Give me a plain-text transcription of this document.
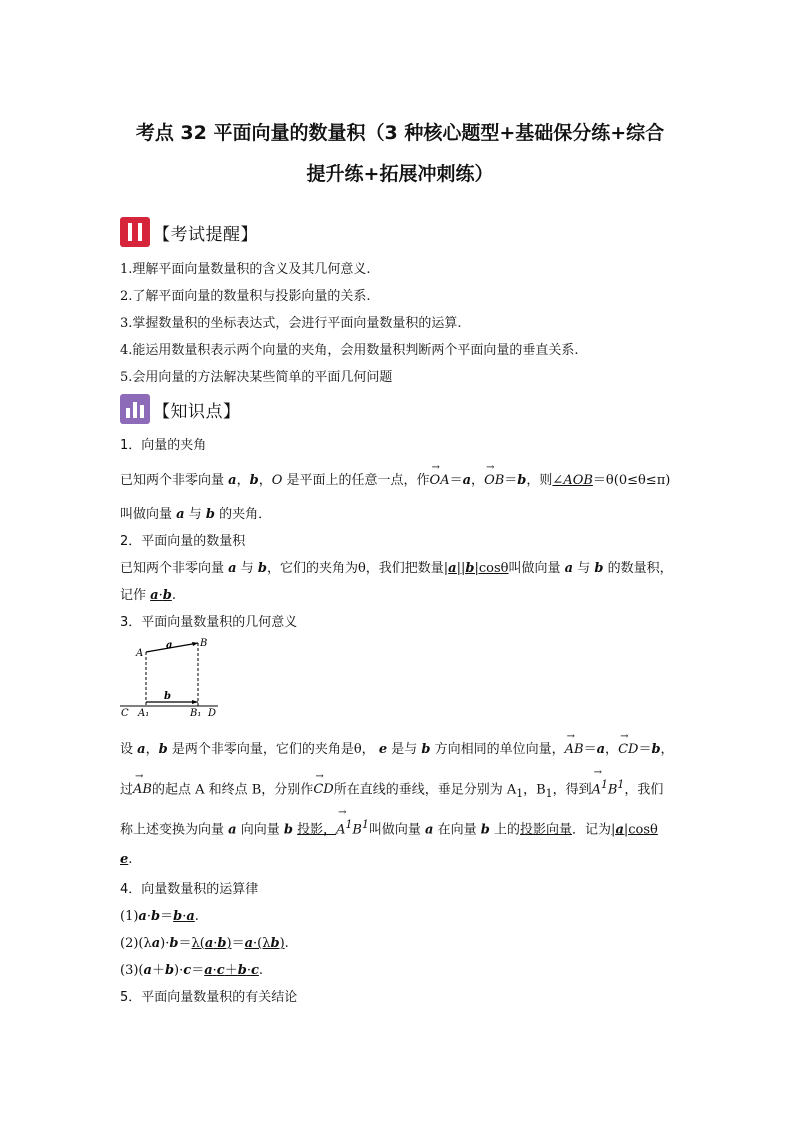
考点 32 平面向量的数量积（3 种核心题型+基础保分练+综合
提升练+拓展冲刺练）
【考试提醒】
1.理解平面向量数量积的含义及其几何意义.
2.了解平面向量的数量积与投影向量的关系.
3.掌握数量积的坐标表达式，会进行平面向量数量积的运算.
4.能运用数量积表示两个向量的夹角，会用数量积判断两个平面向量的垂直关系.
5.会用向量的方法解决某些简单的平面几何问题
【知识点】
1．向量的夹角
已知两个非零向量 a，b，O 是平面上的任意一点，作→ OA＝a，→ OB＝b，则∠AOB＝θ(0≤θ≤π)
叫做向量 a 与 b 的夹角．
2．平面向量的数量积
已知两个非零向量 a 与 b，它们的夹角为θ，我们把数量|a||b|cosθ叫做向量 a 与 b 的数量积，
记作 a·b.
3．平面向量数量积的几何意义
A
B
C A₁	B₁ D
a
b
设 a，b 是两个非零向量，它们的夹角是θ， e 是与 b 方向相同的单位向量，→ AB＝a，→ CD＝b，
过→ AB的起点 A 和终点 B，分别作→ CD所在直线的垂线，垂足分别为 $A_1$，$B_1$，得到→ $A^1B^1$，我们
称上述变换为向量 a 向向量 b 投影，→ $A^1B^1$叫做向量 a 在向量 b 上的投影向量．记为|a|cosθ
e.
4．向量数量积的运算律
(1)a·b＝b·a.
(2)(λa)·b＝λ(a·b)＝a·(λb).
(3)(a＋b)·c＝a·c＋b·c.
5．平面向量数量积的有关结论
